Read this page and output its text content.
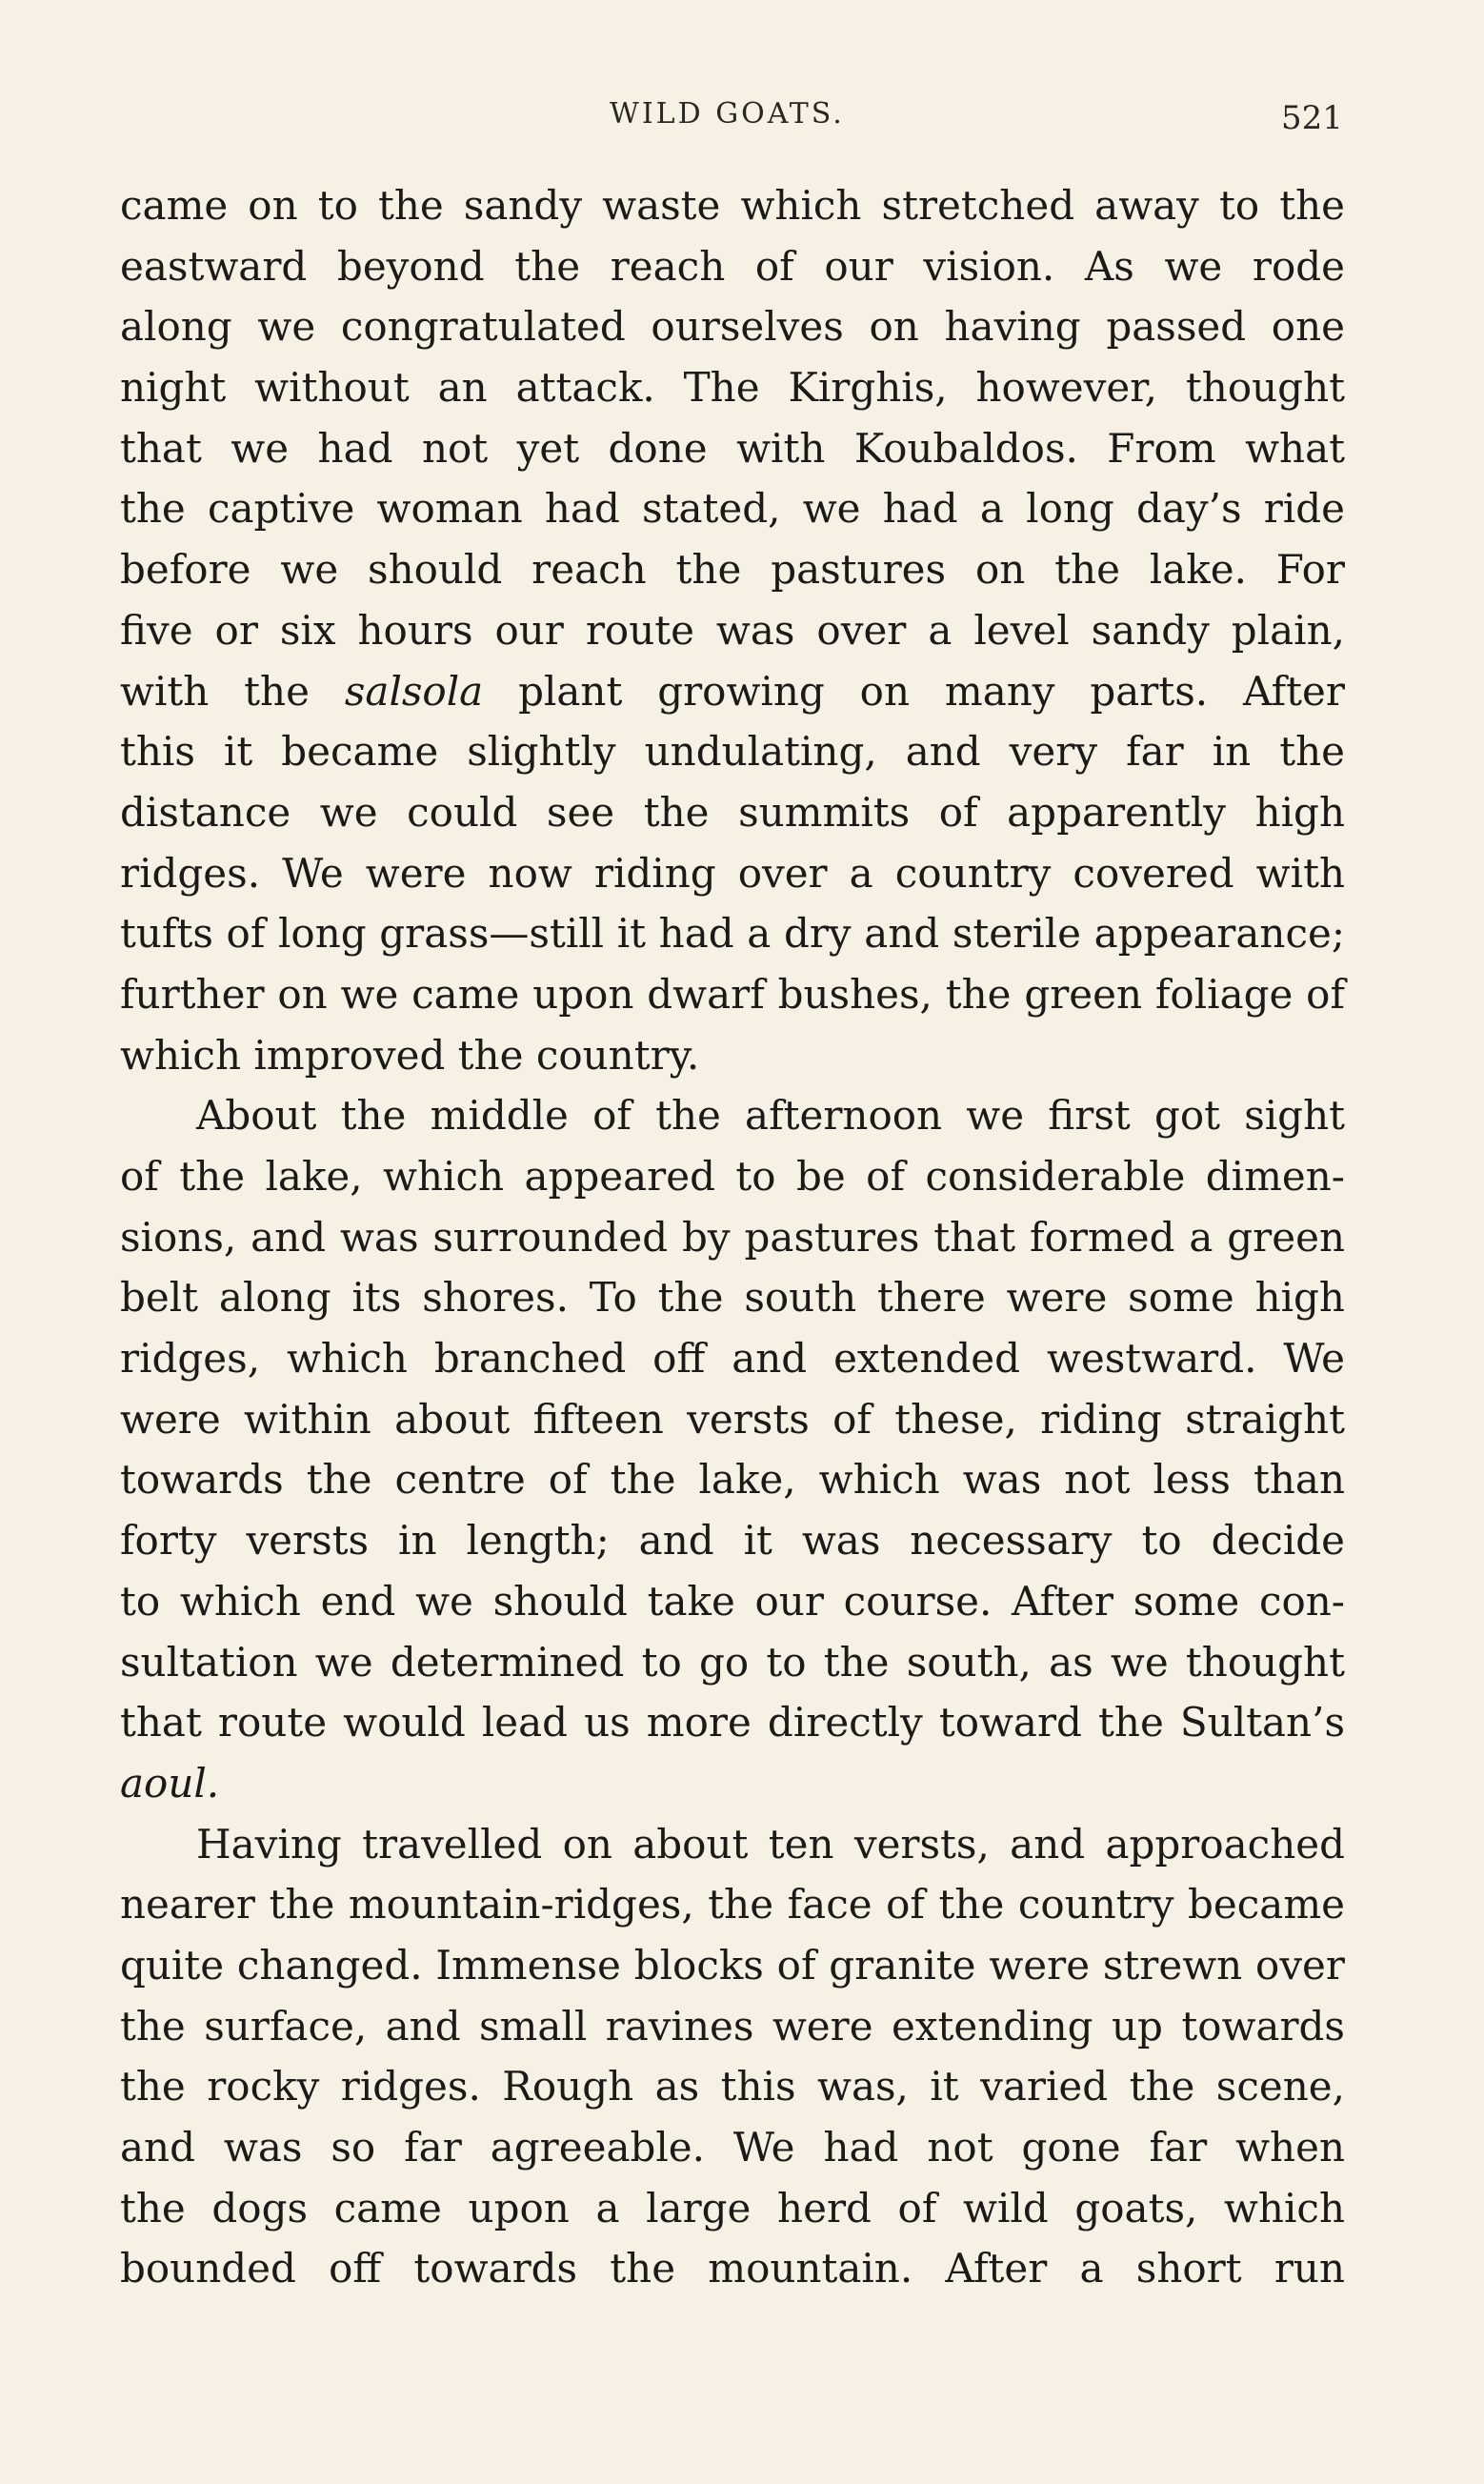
WILD GOATS.	521
came on to the sandy waste which stretched away to the
eastward beyond the reach of our vision. As we rode
along we congratulated ourselves on having passed one
night without an attack. The Kirghis, however, thought
that we had not yet done with Koubaldos. From what
the captive woman had stated, we had a long day’s ride
before we should reach the pastures on the lake. For
five or six hours our route was over a level sandy plain,
with the salsola plant growing on many parts. After
this it became slightly undulating, and very far in the
distance we could see the summits of apparently high
ridges. We were now riding over a country covered with
tufts of long grass—still it had a dry and sterile appearance;
further on we came upon dwarf bushes, the green foliage of
which improved the country.
About the middle of the afternoon we first got sight
of the lake, which appeared to be of considerable dimen-
sions, and was surrounded by pastures that formed a green
belt along its shores. To the south there were some high
ridges, which branched off and extended westward. We
were within about fifteen versts of these, riding straight
towards the centre of the lake, which was not less than
forty versts in length; and it was necessary to decide
to which end we should take our course. After some con-
sultation we determined to go to the south, as we thought
that route would lead us more directly toward the Sultan’s
aoul.
Having travelled on about ten versts, and approached
nearer the mountain-ridges, the face of the country became
quite changed. Immense blocks of granite were strewn over
the surface, and small ravines were extending up towards
the rocky ridges. Rough as this was, it varied the scene,
and was so far agreeable. We had not gone far when
the dogs came upon a large herd of wild goats, which
bounded off towards the mountain. After a short run
